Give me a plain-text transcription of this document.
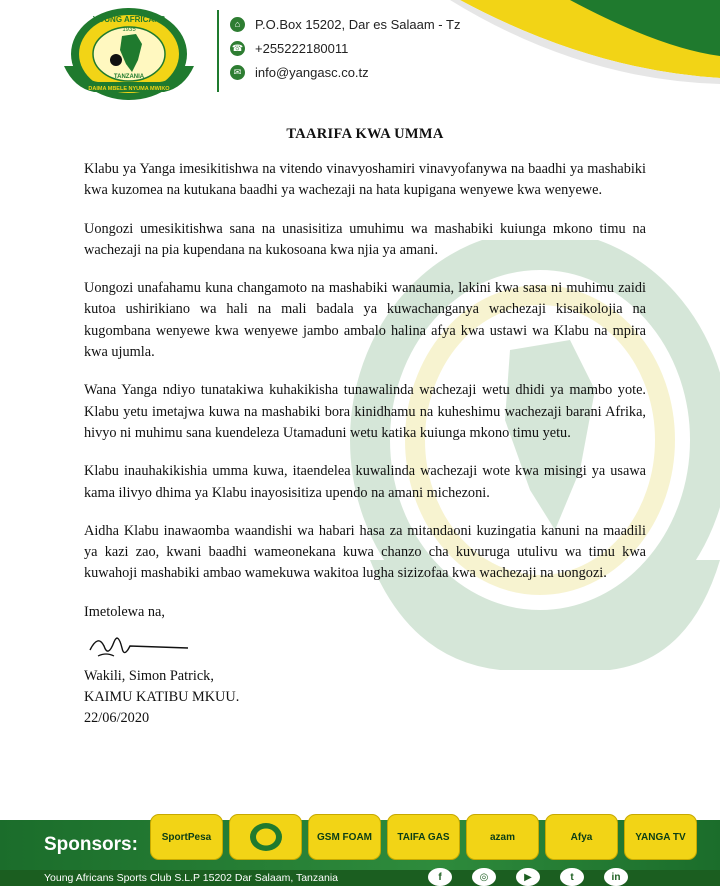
YOUNG AFRICANS
1935
TANZANIA
DAIMA MBELE NYUMA MWIKO
⌂	P.O.Box 15202, Dar es Salaam - Tz
☎ +255222180011
✉ info@yangasc.co.tz
TAARIFA KWA UMMA

Klabu ya Yanga imesikitishwa na vitendo vinavyoshamiri vinavyofanywa na baadhi ya mashabiki kwa kuzomea na kutukana baadhi ya wachezaji na hata kupigana wenyewe kwa wenyewe.

Uongozi umesikitishwa sana na unasisitiza umuhimu wa mashabiki kuiunga mkono timu na wachezaji na pia kupendana na kukosoana kwa njia ya amani.

Uongozi unafahamu kuna changamoto na mashabiki wanaumia, lakini kwa sasa ni muhimu zaidi kutoa ushirikiano wa hali na mali badala ya kuwachanganya wachezaji kisaikolojia na kugombana wenyewe kwa wenyewe jambo ambalo halina afya kwa ustawi wa Klabu na mpira kwa ujumla.

Wana Yanga ndiyo tunatakiwa kuhakikisha tunawalinda wachezaji wetu dhidi ya mambo yote. Klabu yetu imetajwa kuwa na mashabiki bora kinidhamu na kuheshimu wachezaji barani Afrika, hivyo ni muhimu sana kuendeleza Utamaduni wetu katika kuiunga mkono timu yetu.

Klabu inauhakikishia umma kuwa, itaendelea kuwalinda wachezaji wote kwa misingi ya usawa kama ilivyo dhima ya Klabu inayosisitiza upendo na amani michezoni.

Aidha Klabu inawaomba waandishi wa habari hasa za mitandaoni kuzingatia kanuni na maadili ya kazi zao, kwani baadhi wameonekana kuwa chanzo cha kuvuruga utulivu wa timu kwa kuwahoji mashabiki ambao wamekuwa wakitoa lugha sizizofaa kwa wachezaji na uongozi.

Imetolewa na,
Wakili, Simon Patrick,
KAIMU KATIBU MKUU.
22/06/2020
Sponsors:	SportPesa	GSM FOAM	TAIFA GAS	azam	Afya	YANGA TV
Young Africans Sports Club S.L.P 15202 Dar Salaam, Tanzania	f	◎	▶	t	in
